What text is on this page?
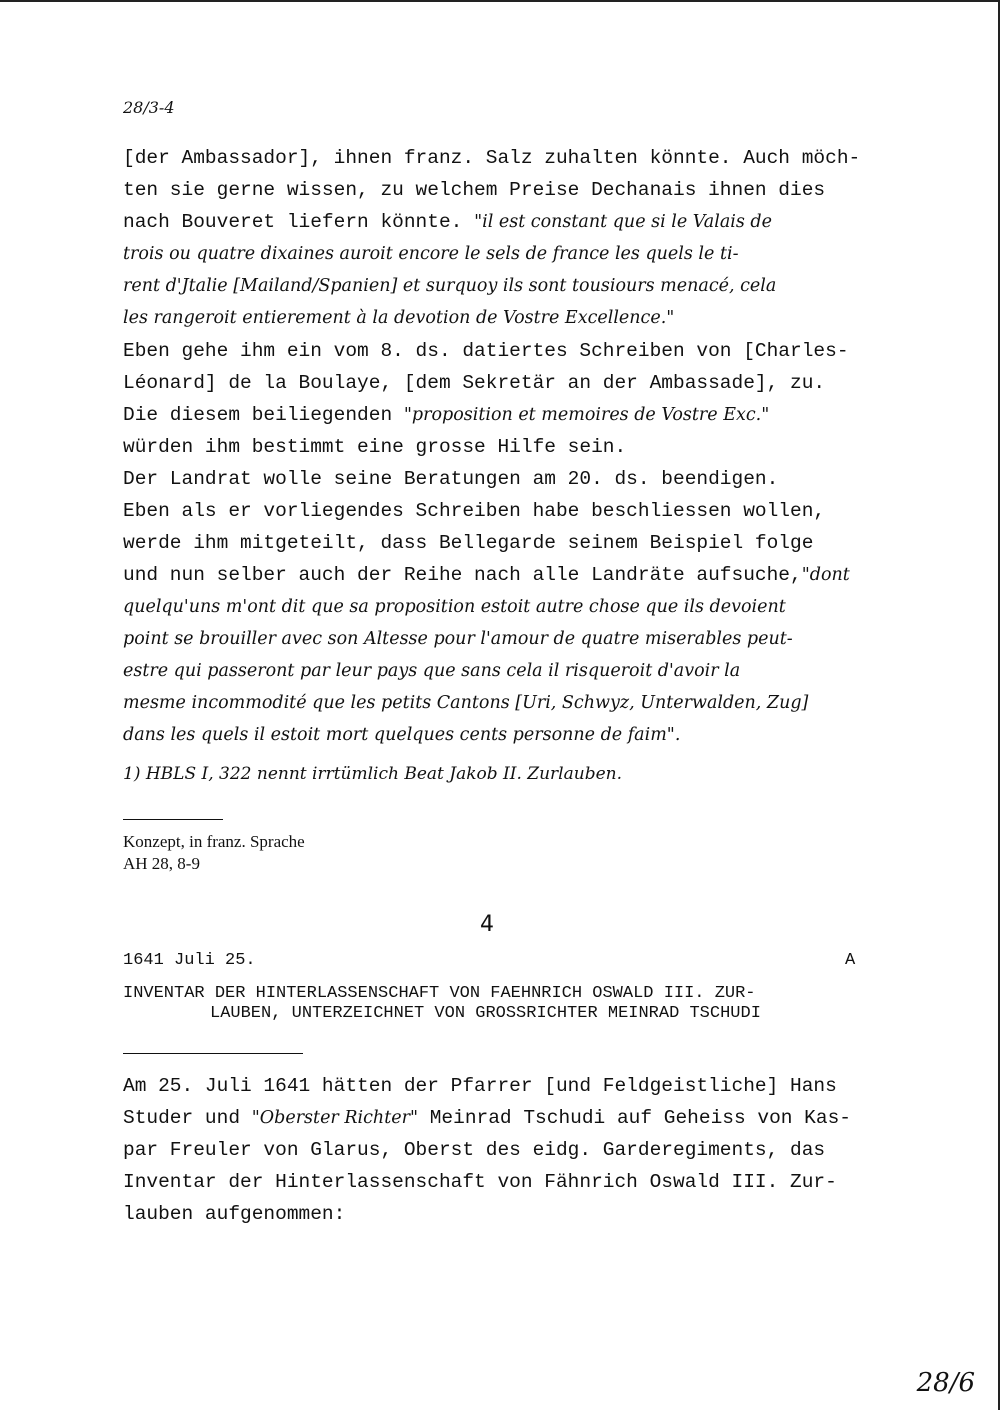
28/3-4
[der Ambassador], ihnen franz. Salz zuhalten könnte. Auch möch-
ten sie gerne wissen, zu welchem Preise Dechanais ihnen dies
nach Bouveret liefern könnte. "il est constant que si le Valais de
trois ou quatre dixaines auroit encore le sels de france les quels le ti-
rent d'Jtalie [Mailand/Spanien] et surquoy ils sont tousiours menacé, cela
les rangeroit entierement à la devotion de Vostre Excellence."
Eben gehe ihm ein vom 8. ds. datiertes Schreiben von [Charles-
Léonard] de la Boulaye, [dem Sekretär an der Ambassade], zu.
Die diesem beiliegenden "proposition et memoires de Vostre Exc."
würden ihm bestimmt eine grosse Hilfe sein.
Der Landrat wolle seine Beratungen am 20. ds. beendigen.
Eben als er vorliegendes Schreiben habe beschliessen wollen,
werde ihm mitgeteilt, dass Bellegarde seinem Beispiel folge
und nun selber auch der Reihe nach alle Landräte aufsuche,"dont
quelqu'uns m'ont dit que sa proposition estoit autre chose que ils devoient
point se brouiller avec son Altesse pour l'amour de quatre miserables peut-
estre qui passeront par leur pays que sans cela il risqueroit d'avoir la
mesme incommodité que les petits Cantons [Uri, Schwyz, Unterwalden, Zug]
dans les quels il estoit mort quelques cents personne de faim".
1) HBLS I, 322 nennt irrtümlich Beat Jakob II. Zurlauben.
Konzept, in franz. Sprache
AH 28, 8-9
4
1641 Juli 25.	A
INVENTAR DER HINTERLASSENSCHAFT VON FAEHNRICH OSWALD III. ZUR-
LAUBEN, UNTERZEICHNET VON GROSSRICHTER MEINRAD TSCHUDI
Am 25. Juli 1641 hätten der Pfarrer [und Feldgeistliche] Hans
Studer und "Oberster Richter" Meinrad Tschudi auf Geheiss von Kas-
par Freuler von Glarus, Oberst des eidg. Garderegiments, das
Inventar der Hinterlassenschaft von Fähnrich Oswald III. Zur-
lauben aufgenommen:
28/6
